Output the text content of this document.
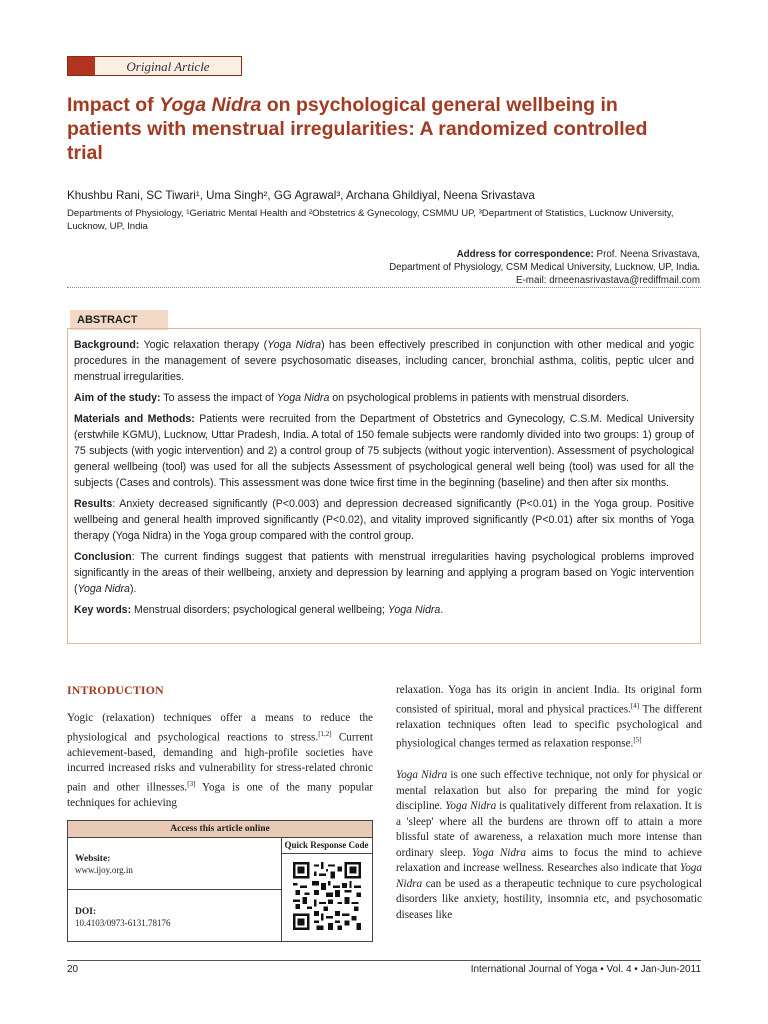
Original Article
Impact of Yoga Nidra on psychological general wellbeing in patients with menstrual irregularities: A randomized controlled trial
Khushbu Rani, SC Tiwari¹, Uma Singh², GG Agrawal³, Archana Ghildiyal, Neena Srivastava
Departments of Physiology, ¹Geriatric Mental Health and ²Obstetrics & Gynecology, CSMMU UP, ³Department of Statistics, Lucknow University, Lucknow, UP, India
Address for correspondence: Prof. Neena Srivastava,
Department of Physiology, CSM Medical University, Lucknow, UP, India.
E-mail: drneenasrivastava@rediffmail.com
ABSTRACT

Background: Yogic relaxation therapy (Yoga Nidra) has been effectively prescribed in conjunction with other medical and yogic procedures in the management of severe psychosomatic diseases, including cancer, bronchial asthma, colitis, peptic ulcer and menstrual irregularities.

Aim of the study: To assess the impact of Yoga Nidra on psychological problems in patients with menstrual disorders.

Materials and Methods: Patients were recruited from the Department of Obstetrics and Gynecology, C.S.M. Medical University (erstwhile KGMU), Lucknow, Uttar Pradesh, India. A total of 150 female subjects were randomly divided into two groups: 1) group of 75 subjects (with yogic intervention) and 2) a control group of 75 subjects (without yogic intervention). Assessment of psychological general wellbeing (tool) was used for all the subjects Assessment of psychological general well being (tool) was used for all the subjects (Cases and controls). This assessment was done twice first time in the beginning (baseline) and then after six months.

Results: Anxiety decreased significantly (P<0.003) and depression decreased significantly (P<0.01) in the Yoga group. Positive wellbeing and general health improved significantly (P<0.02), and vitality improved significantly (P<0.01) after six months of Yoga therapy (Yoga Nidra) in the Yoga group compared with the control group.

Conclusion: The current findings suggest that patients with menstrual irregularities having psychological problems improved significantly in the areas of their wellbeing, anxiety and depression by learning and applying a program based on Yogic intervention (Yoga Nidra).

Key words: Menstrual disorders; psychological general wellbeing; Yoga Nidra.

INTRODUCTION

Yogic (relaxation) techniques offer a means to reduce the physiological and psychological reactions to stress.[1,2] Current achievement-based, demanding and high-profile societies have incurred increased risks and vulnerability for stress-related chronic pain and other illnesses.[3] Yoga is one of the many popular techniques for achieving

Access this article online
Website:
www.ijoy.org.in
DOI:
10.4103/0973-6131.78176
Quick Response Code

relaxation. Yoga has its origin in ancient India. Its original form consisted of spiritual, moral and physical practices.[4] The different relaxation techniques often lead to specific psychological and physiological changes termed as relaxation response.[5]

Yoga Nidra is one such effective technique, not only for physical or mental relaxation but also for preparing the mind for yogic discipline. Yoga Nidra is qualitatively different from relaxation. It is a 'sleep' where all the burdens are thrown off to attain a more blissful state of awareness, a relaxation much more intense than ordinary sleep. Yoga Nidra aims to focus the mind to achieve relaxation and increase wellness. Researches also indicate that Yoga Nidra can be used as a therapeutic technique to cure psychological disorders like anxiety, hostility, insomnia etc, and psychosomatic diseases like

20	International Journal of Yoga • Vol. 4 • Jan-Jun-2011
